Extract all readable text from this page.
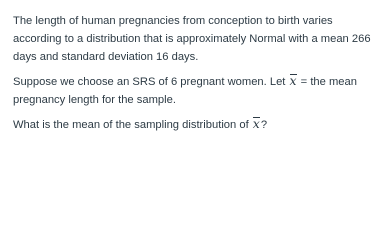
The length of human pregnancies from conception to birth varies
according to a distribution that is approximately Normal with a mean 266
days and standard deviation 16 days.

Suppose we choose an SRS of 6 pregnant women. Let x = the mean
pregnancy length for the sample.

What is the mean of the sampling distribution of x?
